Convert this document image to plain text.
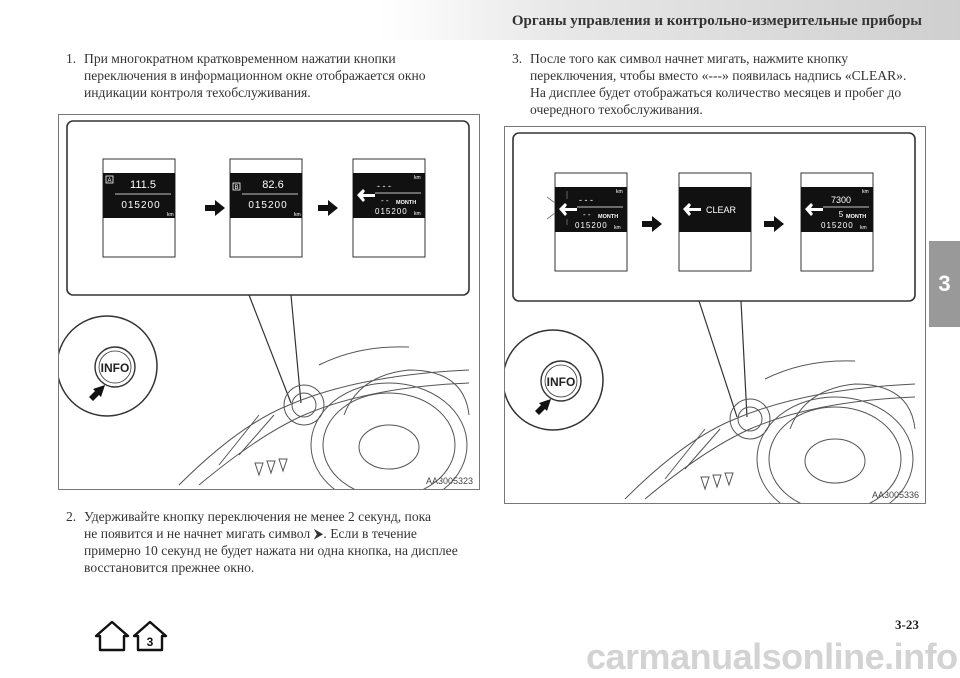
Органы управления и контрольно-измерительные приборы
1. При многократном кратковременном нажатии кнопки
переключения в информационном окне отображается окно
индикации контроля техобслуживания.
3. После того как символ начнет мигать, нажмите кнопку
переключения, чтобы вместо «---» появилась надпись «CLEAR».
На дисплее будет отображаться количество месяцев и пробег до
очередного техобслуживания.
2. Удерживайте кнопку переключения не менее 2 секунд, пока
не появится и не начнет мигать символ ⮞. Если в течение
примерно 10 секунд не будет нажата ни одна кнопка, на дисплее
восстановится прежнее окно.
A 111.5
015200
km
B 82.6
015200
km
km
- - -
- - MONTH
015200 km
INFO
AA3005323
km
- - -
- - MONTH
015200 km
CLEAR
km
7300
5 MONTH
015200 km
INFO
AA3005336
3
3
3-23
carmanualsonline.info
